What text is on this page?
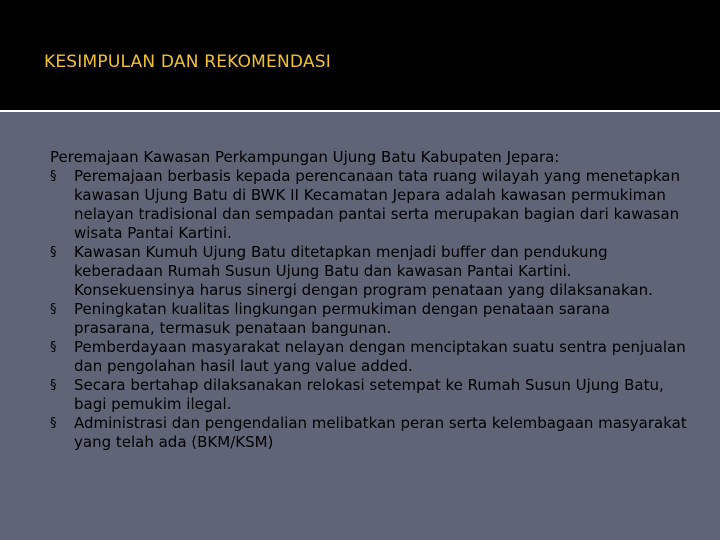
KESIMPULAN DAN REKOMENDASI

Peremajaan Kawasan Perkampungan Ujung Batu Kabupaten Jepara:

§	Peremajaan berbasis kepada perencanaan tata ruang wilayah yang menetapkan kawasan Ujung Batu di BWK II Kecamatan Jepara adalah kawasan permukiman nelayan tradisional dan sempadan pantai serta merupakan bagian dari kawasan wisata Pantai Kartini.
§	Kawasan Kumuh Ujung Batu ditetapkan menjadi buffer dan pendukung keberadaan Rumah Susun Ujung Batu dan kawasan Pantai Kartini. Konsekuensinya harus sinergi dengan program penataan yang dilaksanakan.
§	Peningkatan kualitas lingkungan permukiman dengan penataan sarana prasarana, termasuk penataan bangunan.
§	Pemberdayaan masyarakat nelayan dengan menciptakan suatu sentra penjualan dan pengolahan hasil laut yang value added.
§	Secara bertahap dilaksanakan relokasi setempat ke Rumah Susun Ujung Batu, bagi pemukim ilegal.
§	Administrasi dan pengendalian melibatkan peran serta kelembagaan masyarakat yang telah ada (BKM/KSM)
